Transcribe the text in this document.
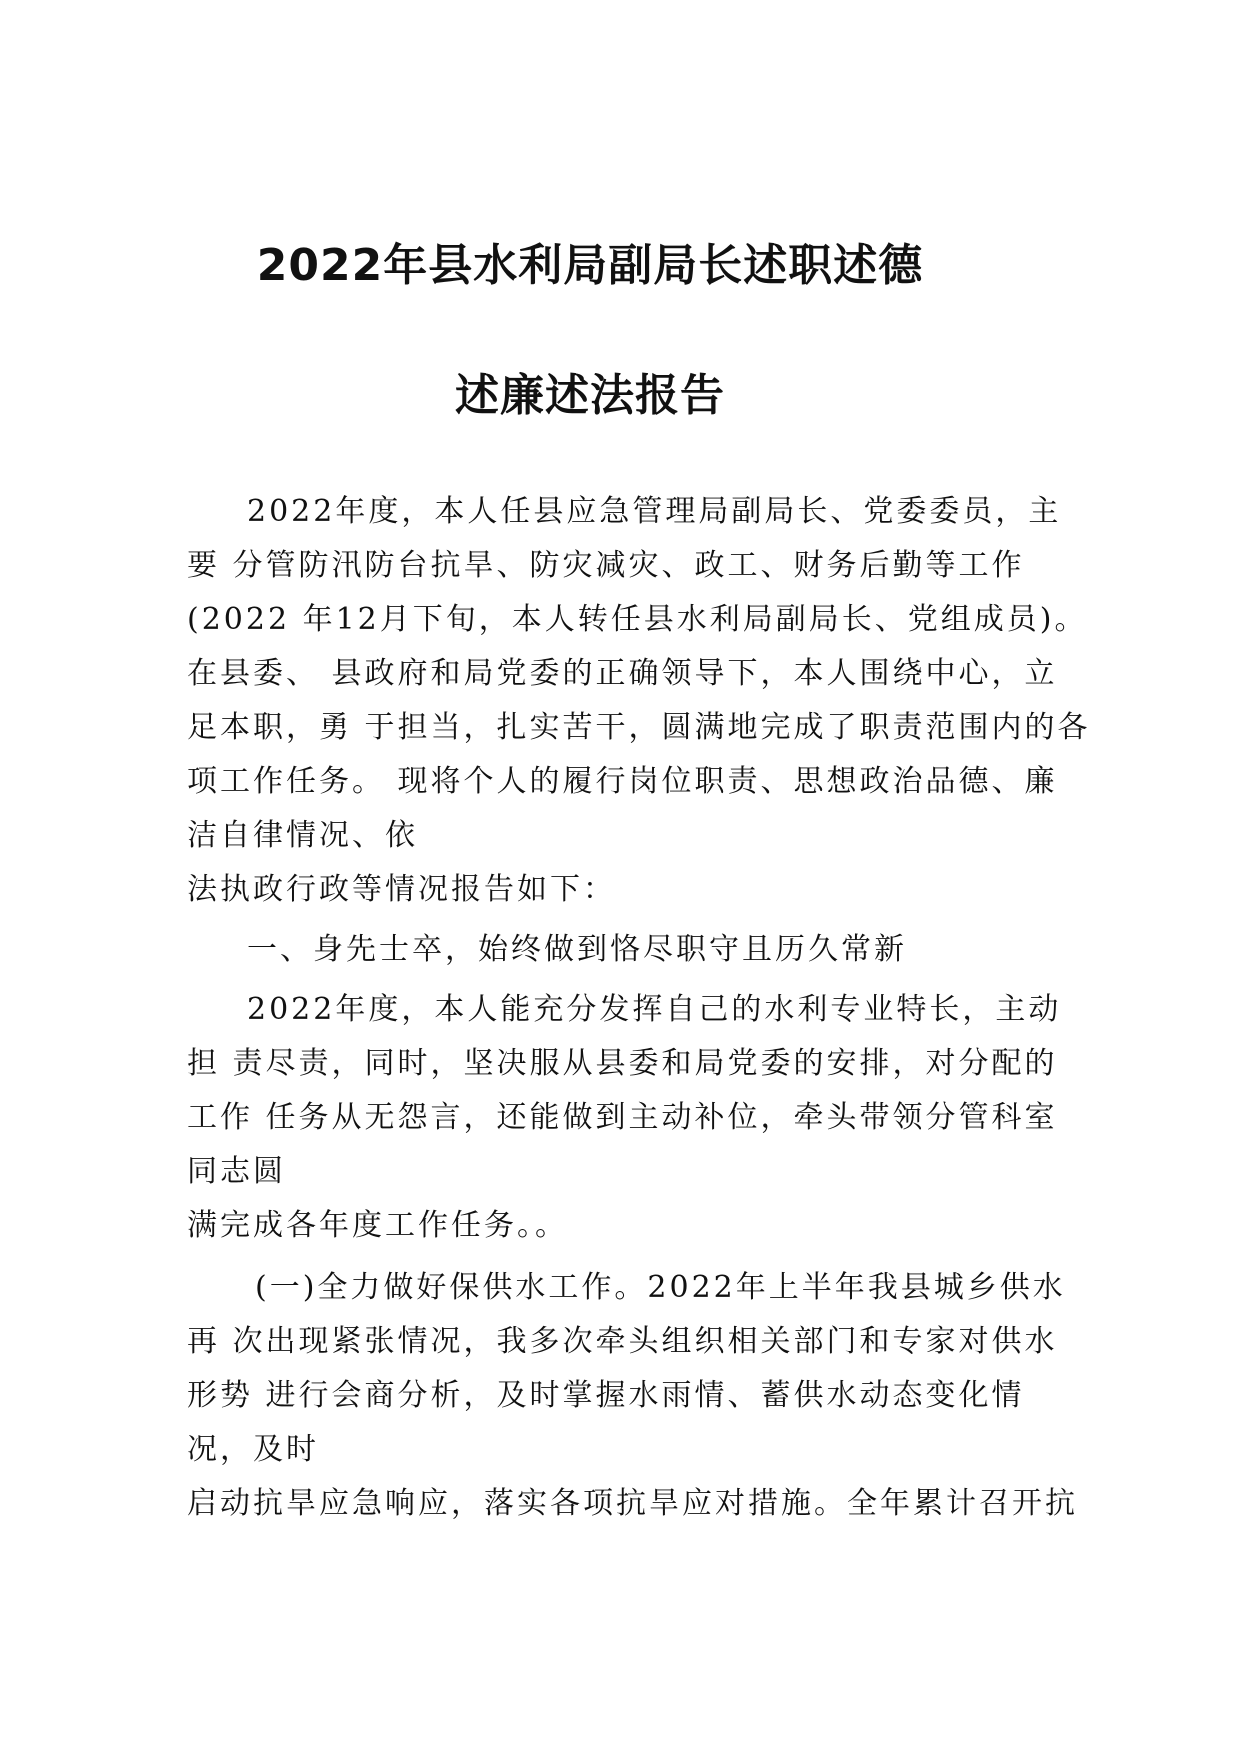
2022年县水利局副局长述职述德
述廉述法报告
2022年度，本人任县应急管理局副局长、党委委员，主
要 分管防汛防台抗旱、防灾减灾、政工、财务后勤等工作
(2022 年12月下旬，本人转任县水利局副局长、党组成员)。
在县委、 县政府和局党委的正确领导下，本人围绕中心，立
足本职，勇 于担当，扎实苦干，圆满地完成了职责范围内的各
项工作任务。 现将个人的履行岗位职责、思想政治品德、廉
洁自律情况、依
法执政行政等情况报告如下：
一、身先士卒，始终做到恪尽职守且历久常新
2022年度，本人能充分发挥自己的水利专业特长，主动
担 责尽责，同时，坚决服从县委和局党委的安排，对分配的
工作 任务从无怨言，还能做到主动补位，牵头带领分管科室
同志圆
满完成各年度工作任务。。
(一)全力做好保供水工作。2022年上半年我县城乡供水
再 次出现紧张情况，我多次牵头组织相关部门和专家对供水
形势 进行会商分析，及时掌握水雨情、蓄供水动态变化情
况，及时
启动抗旱应急响应，落实各项抗旱应对措施。全年累计召开抗
